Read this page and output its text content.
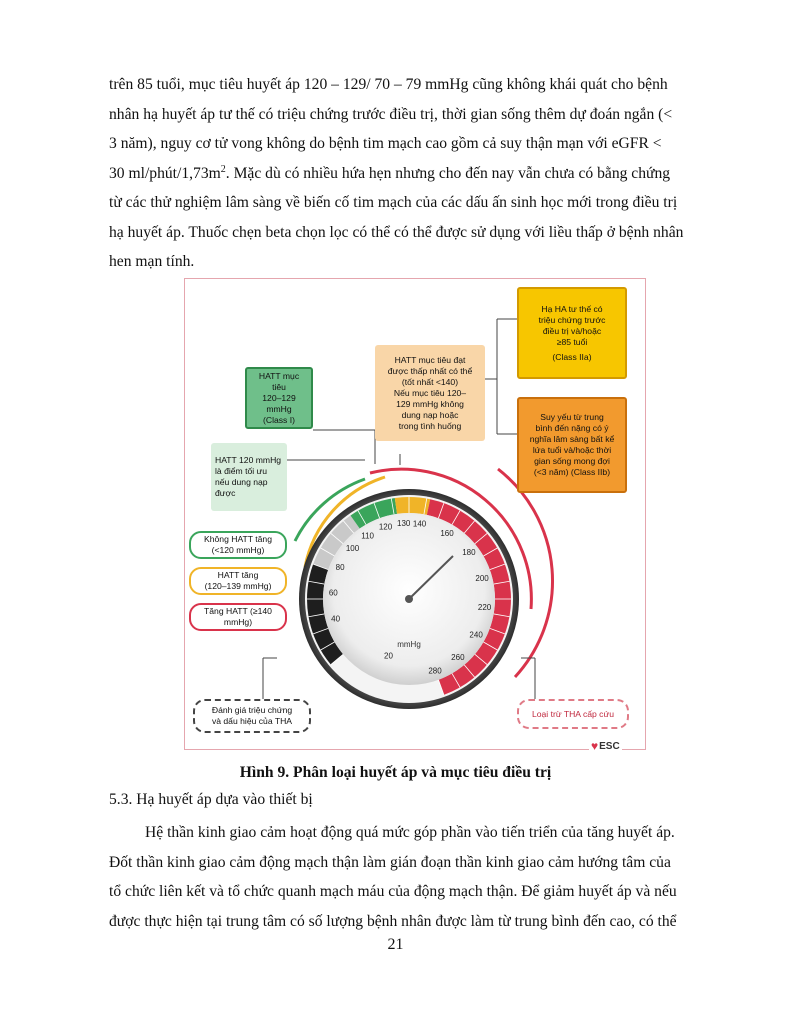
trên 85 tuổi, mục tiêu huyết áp 120 – 129/ 70 – 79 mmHg cũng không khái quát cho bệnh
nhân hạ huyết áp tư thế có triệu chứng trước điều trị, thời gian sống thêm dự đoán ngắn (<
3 năm), nguy cơ tử vong không do bệnh tim mạch cao gồm cả suy thận mạn với eGFR <
30 $ml/phút/1,73m^2$. Mặc dù có nhiều hứa hẹn nhưng cho đến nay vẫn chưa có bằng chứng
từ các thử nghiệm lâm sàng về biến cố tim mạch của các dấu ấn sinh học mới trong điều trị
hạ huyết áp. Thuốc chẹn beta chọn lọc có thể có thể được sử dụng với liều thấp ở bệnh nhân
hen mạn tính.
40
60
80
100
110
120 130 140
160
180
200
220
240
260
280
20
mmHg
Hạ HA tư thế có
triệu chứng trước
điều trị và/hoặc
≥85 tuổi
(Class IIa)
Suy yếu từ trung
bình đến nặng có ý
nghĩa lâm sàng bất kể
lứa tuổi và/hoặc thời
gian sống mong đợi
(<3 năm) (Class IIb)
HATT mục tiêu đạt
được thấp nhất có thể
(tốt nhất <140)
Nếu mục tiêu 120–
129 mmHg không
dung nạp hoặc
trong tình huống
HATT mục tiêu
120–129 mmHg
(Class I)
HATT 120 mmHg
là điểm tối ưu
nếu dung nạp
được
Không HATT tăng
(<120 mmHg)
HATT tăng
(120–139 mmHg)
Tăng HATT (≥140
mmHg)
Đánh giá triệu chứng
và dấu hiệu của THA
Loại trừ THA cấp cứu
♥ ESC
Hình 9. Phân loại huyết áp và mục tiêu điều trị
5.3. Hạ huyết áp dựa vào thiết bị
Hệ thần kinh giao cảm hoạt động quá mức góp phần vào tiến triển của tăng huyết áp.
Đốt thần kinh giao cảm động mạch thận làm gián đoạn thần kinh giao cảm hướng tâm của
tổ chức liên kết và tổ chức quanh mạch máu của động mạch thận. Để giảm huyết áp và nếu
được thực hiện tại trung tâm có số lượng bệnh nhân được làm từ trung bình đến cao, có thể
21
